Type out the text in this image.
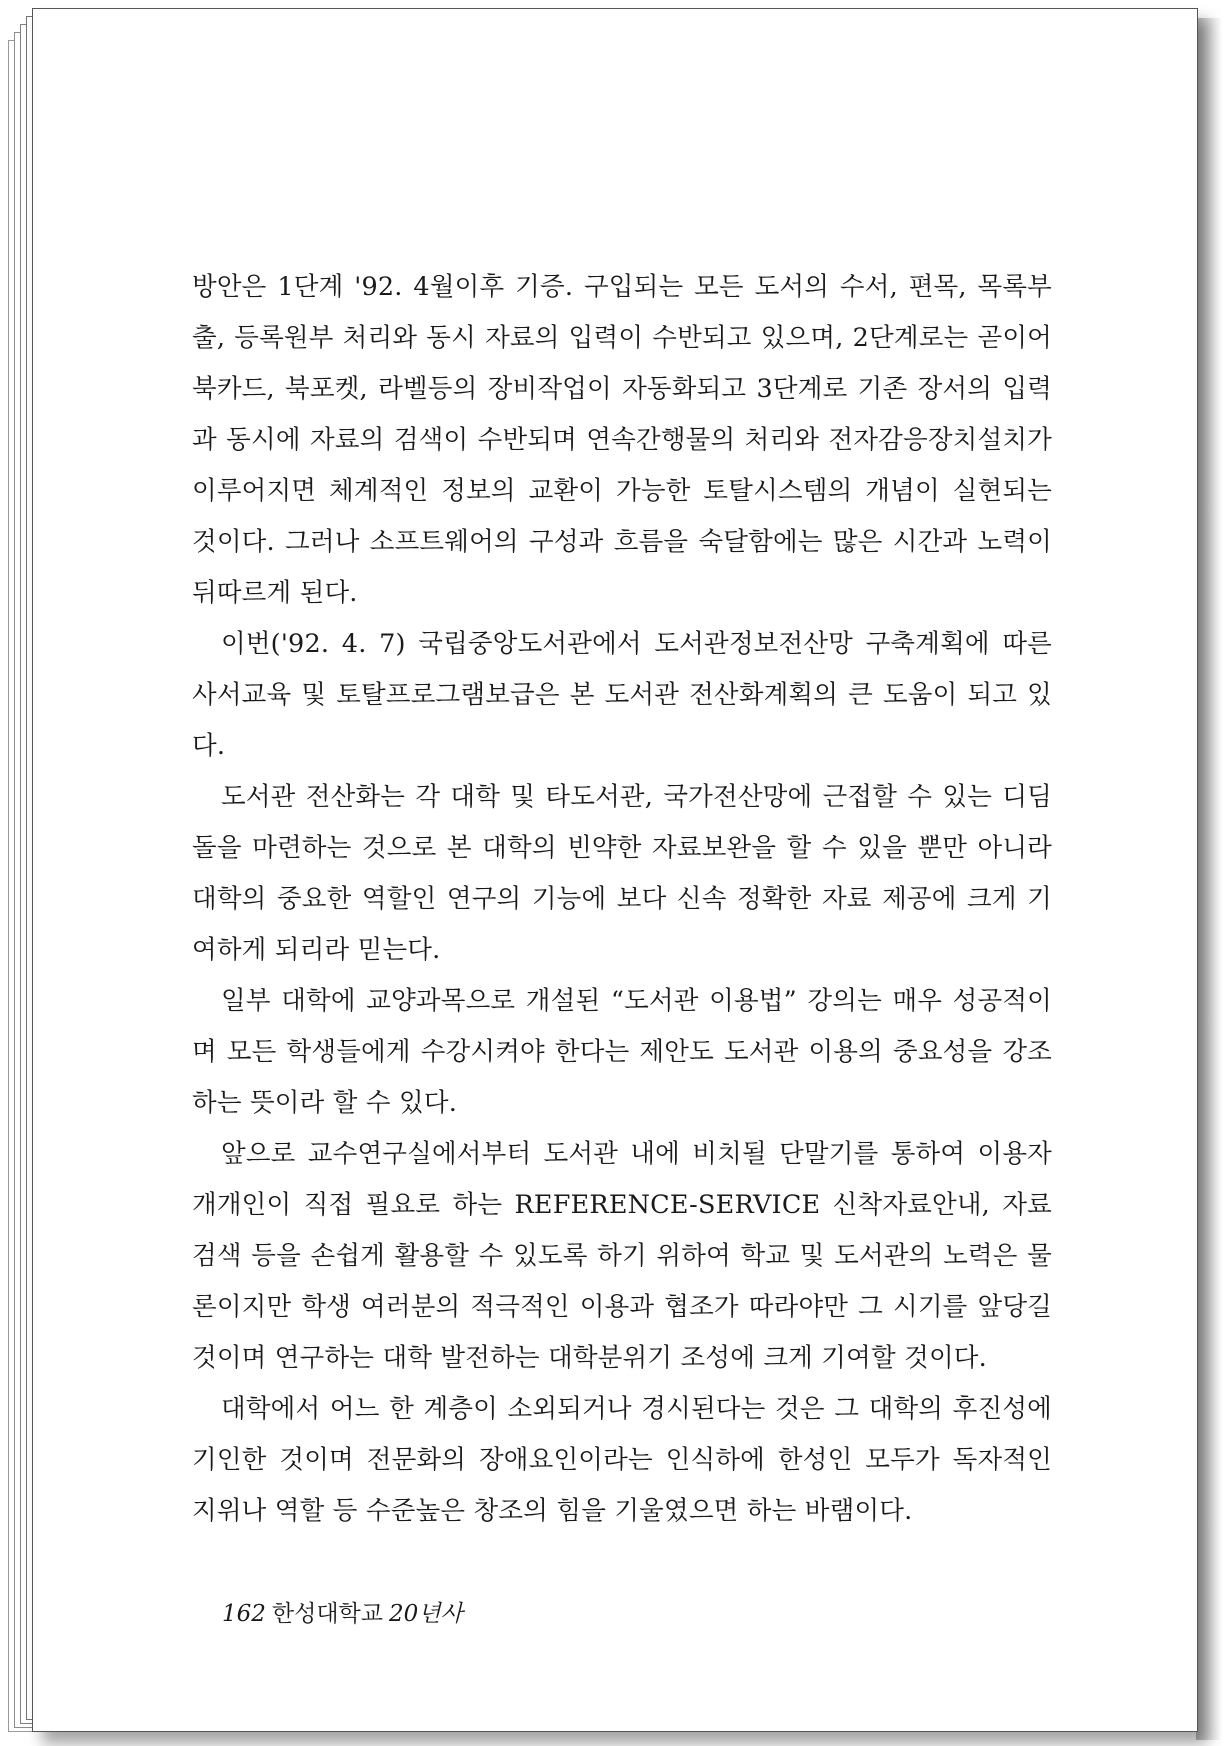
방안은 1단계 '92. 4월이후 기증. 구입되는 모든 도서의 수서, 편목, 목록부출, 등록원부 처리와 동시 자료의 입력이 수반되고 있으며, 2단계로는 곧이어 북카드, 북포켓, 라벨등의 장비작업이 자동화되고 3단계로 기존 장서의 입력과 동시에 자료의 검색이 수반되며 연속간행물의 처리와 전자감응장치설치가 이루어지면 체계적인 정보의 교환이 가능한 토탈시스템의 개념이 실현되는 것이다. 그러나 소프트웨어의 구성과 흐름을 숙달함에는 많은 시간과 노력이 뒤따르게 된다.

이번('92. 4. 7) 국립중앙도서관에서 도서관정보전산망 구축계획에 따른 사서교육 및 토탈프로그램보급은 본 도서관 전산화계획의 큰 도움이 되고 있다.

도서관 전산화는 각 대학 및 타도서관, 국가전산망에 근접할 수 있는 디딤돌을 마련하는 것으로 본 대학의 빈약한 자료보완을 할 수 있을 뿐만 아니라 대학의 중요한 역할인 연구의 기능에 보다 신속 정확한 자료 제공에 크게 기여하게 되리라 믿는다.

일부 대학에 교양과목으로 개설된 “도서관 이용법” 강의는 매우 성공적이며 모든 학생들에게 수강시켜야 한다는 제안도 도서관 이용의 중요성을 강조하는 뜻이라 할 수 있다.

앞으로 교수연구실에서부터 도서관 내에 비치될 단말기를 통하여 이용자 개개인이 직접 필요로 하는 REFERENCE-SERVICE 신착자료안내, 자료검색 등을 손쉽게 활용할 수 있도록 하기 위하여 학교 및 도서관의 노력은 물론이지만 학생 여러분의 적극적인 이용과 협조가 따라야만 그 시기를 앞당길 것이며 연구하는 대학 발전하는 대학분위기 조성에 크게 기여할 것이다.

대학에서 어느 한 계층이 소외되거나 경시된다는 것은 그 대학의 후진성에 기인한 것이며 전문화의 장애요인이라는 인식하에 한성인 모두가 독자적인 지위나 역할 등 수준높은 창조의 힘을 기울였으면 하는 바램이다.

162 한성대학교 20년사
